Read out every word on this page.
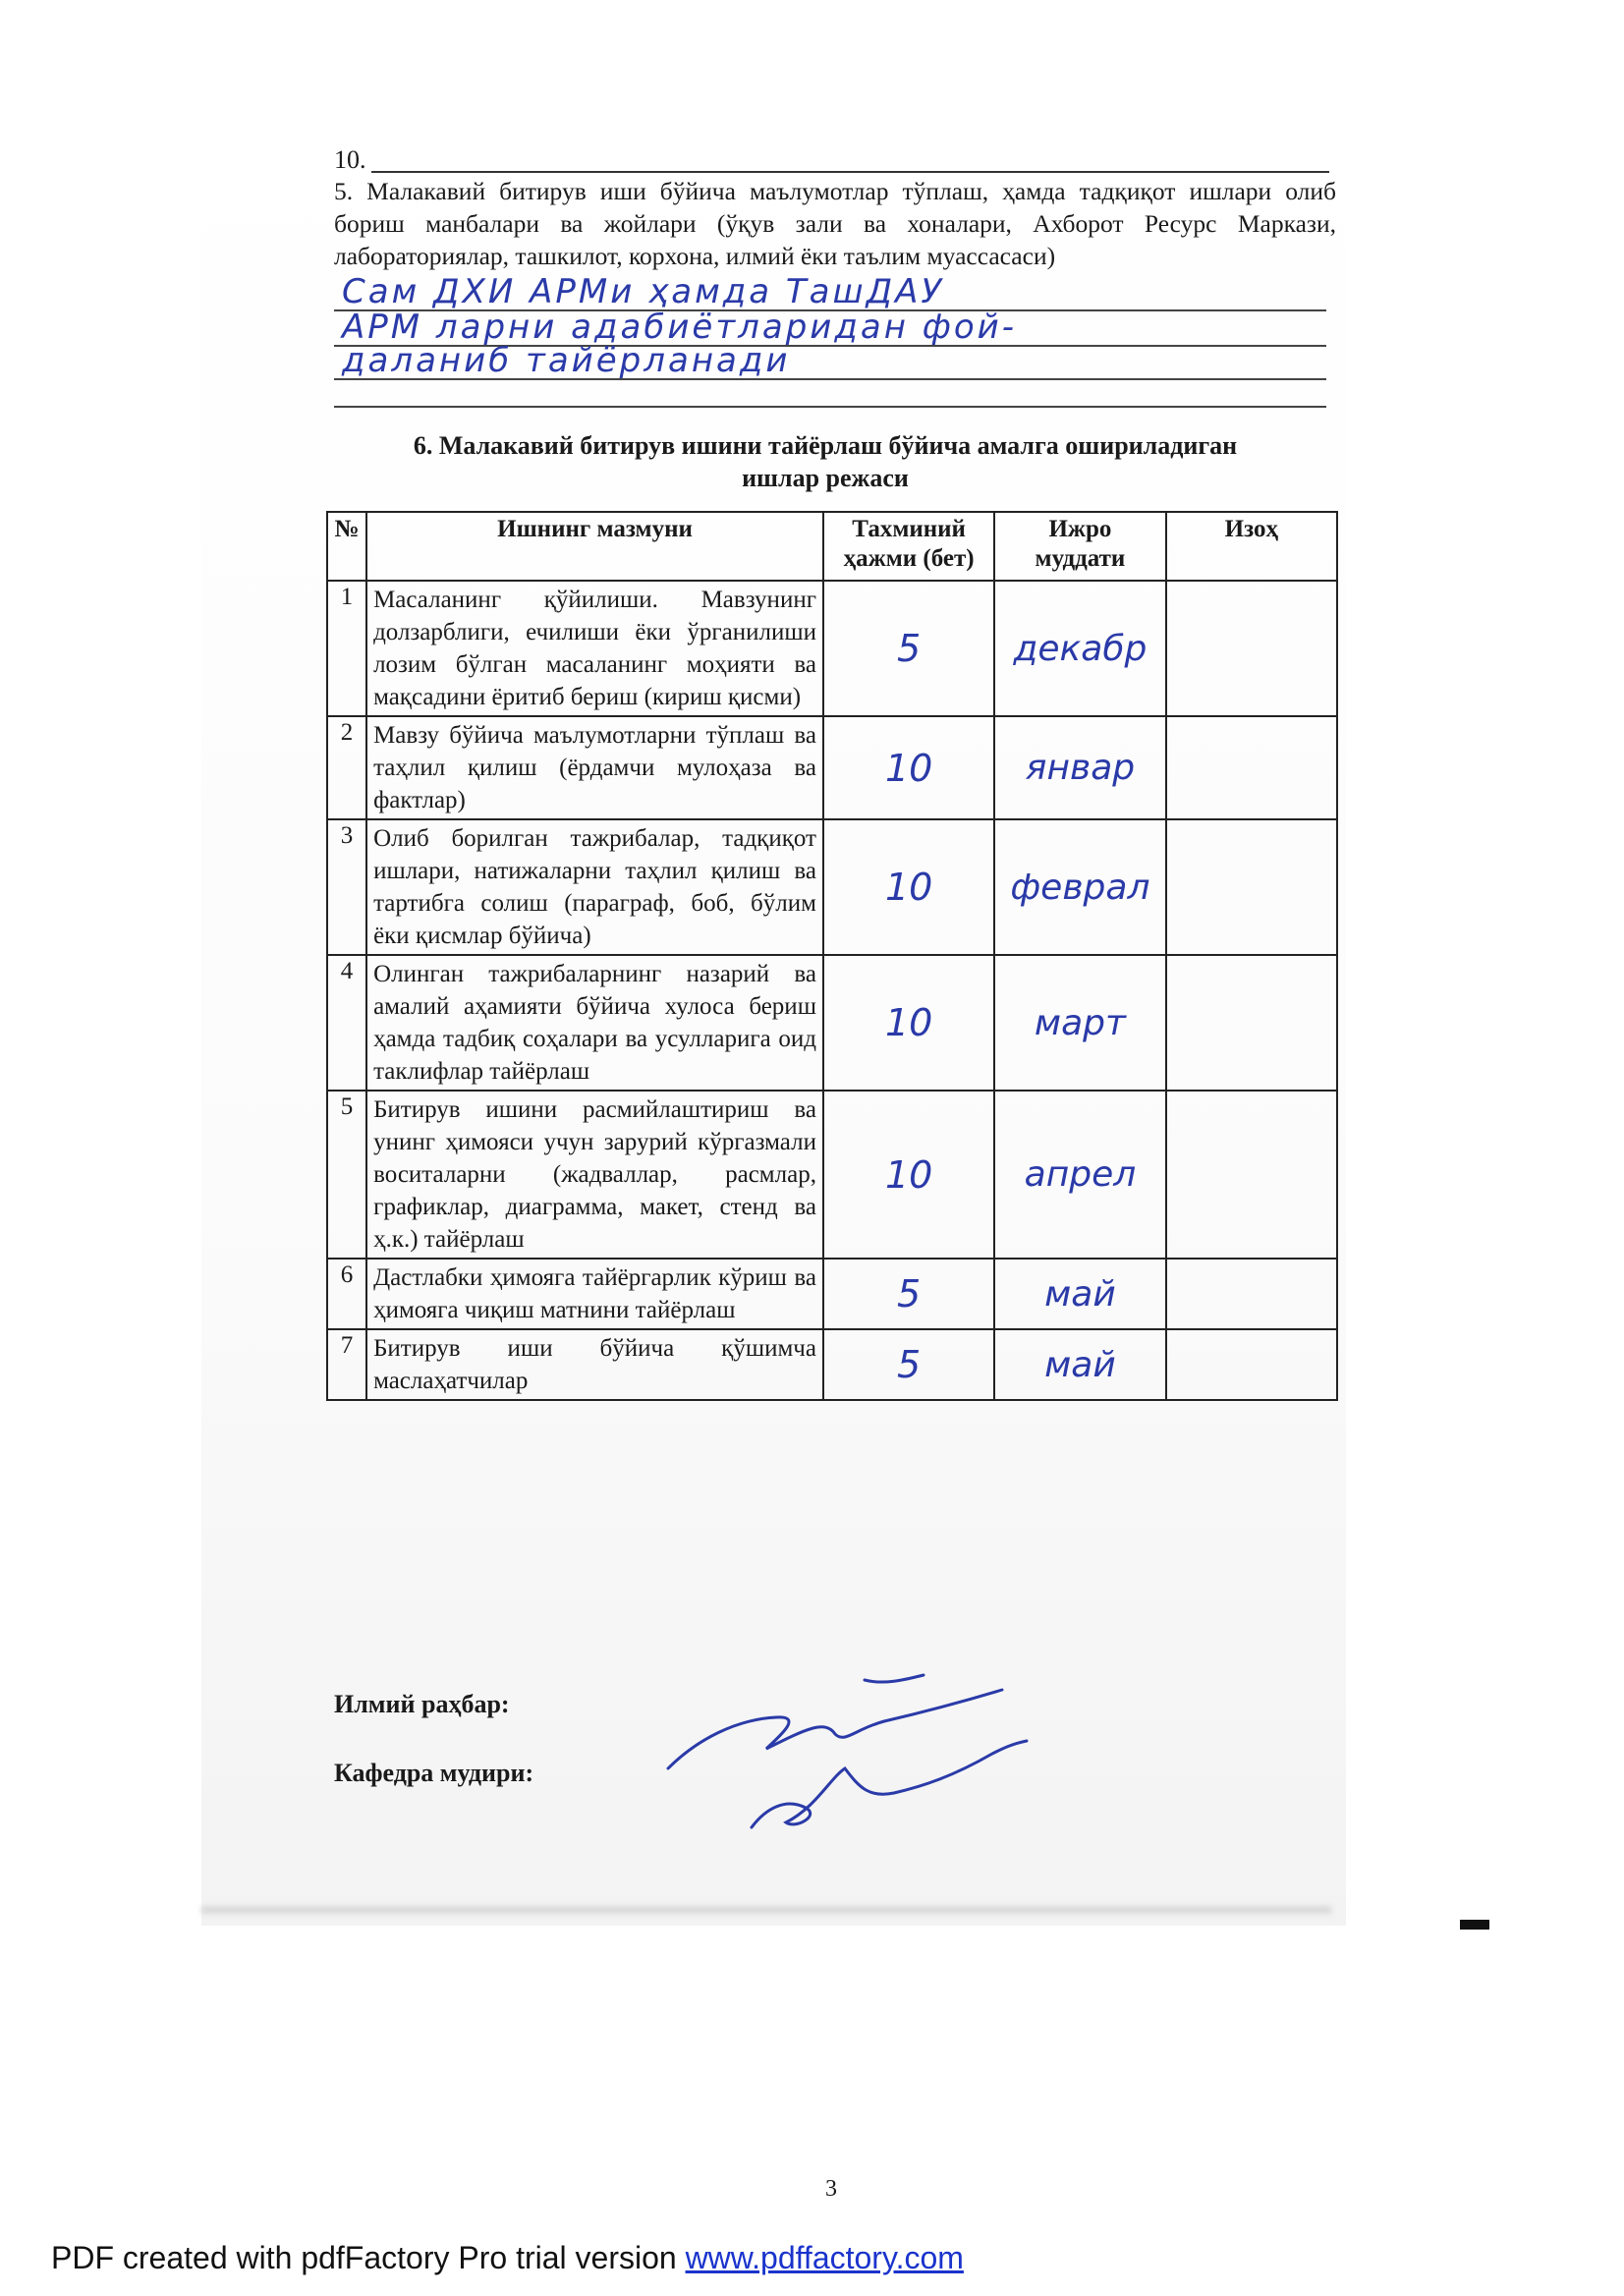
10.
5. Малакавий битирув иши бўйича маълумотлар тўплаш, ҳамда тадқиқот ишлари олиб бориш манбалари ва жойлари (ўқув зали ва хоналари, Ахборот Ресурс Маркази, лабораториялар, ташкилот, корхона, илмий ёки таълим муассасаси)
Сам ДХИ АРМи ҳамда ТашДАУ
АРМ ларни адабиётларидан фой-
даланиб тайёрланади
6. Малакавий битирув ишини тайёрлаш бўйича амалга ошириладиган
ишлар режаси
№	Ишнинг мазмуни	Тахминий ҳажми (бет)	Ижро муддати	Изоҳ
1	Масаланинг қўйилиши. Мавзунинг долзарблиги, ечилиши ёки ўрганилиши лозим бўлган масаланинг моҳияти ва мақсадини ёритиб бериш (кириш қисми)	5	декабр	
2	Мавзу бўйича маълумотларни тўплаш ва таҳлил қилиш (ёрдамчи мулоҳаза ва фактлар)	10	январ	
3	Олиб борилган тажрибалар, тадқиқот ишлари, натижаларни таҳлил қилиш ва тартибга солиш (параграф, боб, бўлим ёки қисмлар бўйича)	10	феврал	
4	Олинган тажрибаларнинг назарий ва амалий аҳамияти бўйича хулоса бериш ҳамда тадбиқ соҳалари ва усулларига оид таклифлар тайёрлаш	10	март	
5	Битирув ишини расмийлаштириш ва унинг ҳимояси учун зарурий кўргазмали воситаларни (жадваллар, расмлар, графиклар, диаграмма, макет, стенд ва ҳ.к.) тайёрлаш	10	апрел	
6	Дастлабки ҳимояга тайёргарлик кўриш ва ҳимояга чиқиш матнини тайёрлаш	5	май	
7	Битирув иши бўйича қўшимча маслаҳатчилар	5	май	
Илмий раҳбар:
Кафедра мудири:
3
PDF created with pdfFactory Pro trial version www.pdffactory.com
